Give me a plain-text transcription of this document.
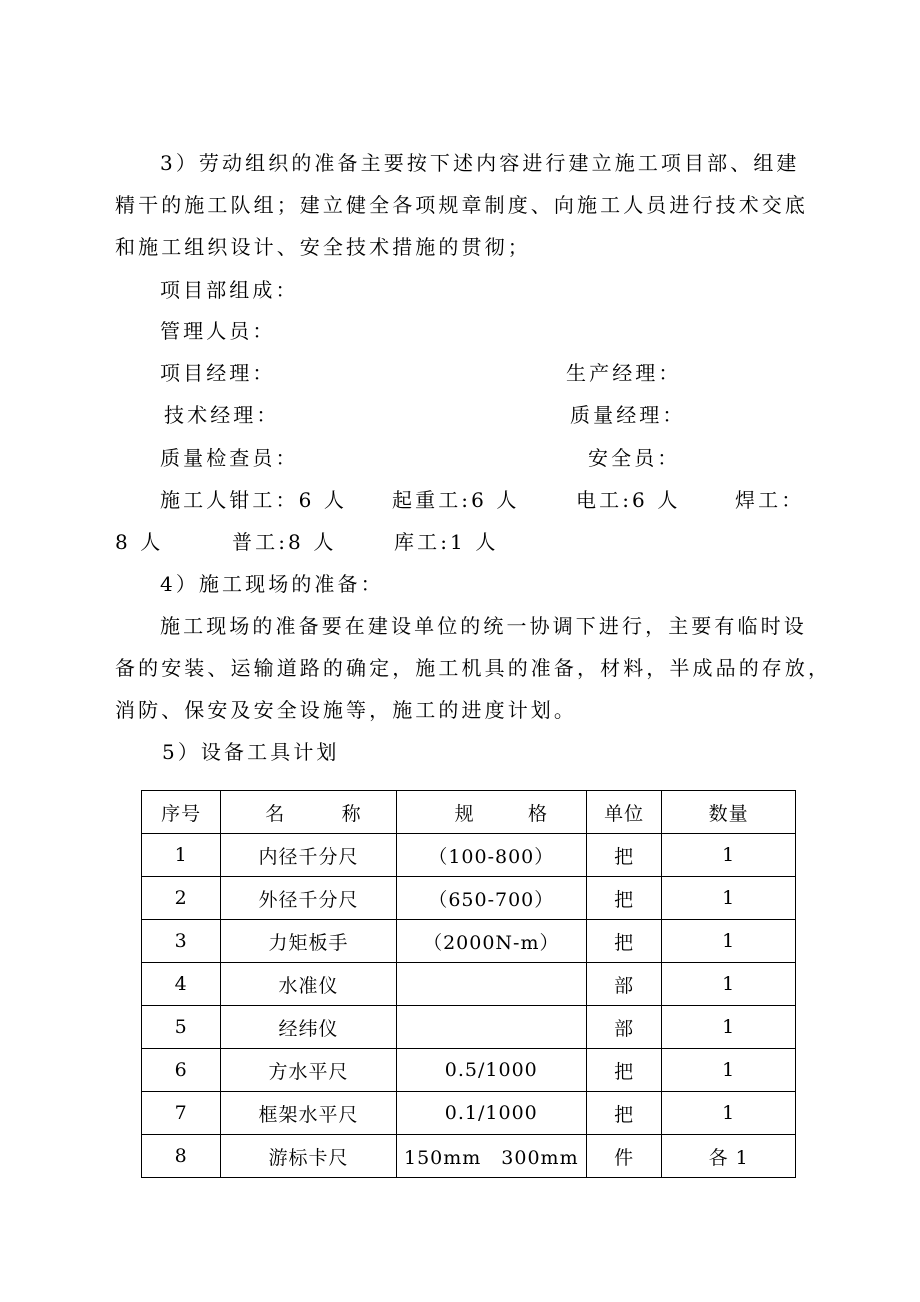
3）劳动组织的准备主要按下述内容进行建立施工项目部、组建
精干的施工队组；建立健全各项规章制度、向施工人员进行技术交底
和施工组织设计、安全技术措施的贯彻；
项目部组成：
管理人员：
项目经理：	生产经理：
技术经理：	质量经理：
质量检查员：	安全员：
施工人钳工：6 人 起重工:6 人	电工:6 人	焊工：
8 人	普工:8 人	库工:1 人
4）施工现场的准备：
施工现场的准备要在建设单位的统一协调下进行，主要有临时设
备的安装、运输道路的确定，施工机具的准备，材料，半成品的存放，
消防、保安及安全设施等，施工的进度计划。
5）设备工具计划
序号	名 称	规 格	单位	数量
1	内径千分尺	（100-800）	把	1
2	外径千分尺	（650-700）	把	1
3	力矩板手	（2000N-m）	把	1
4	水准仪		部	1
5	经纬仪		部	1
6	方水平尺	0.5/1000	把	1
7	框架水平尺	0.1/1000	把	1
8	游标卡尺	150mm　300mm	件	各 1
